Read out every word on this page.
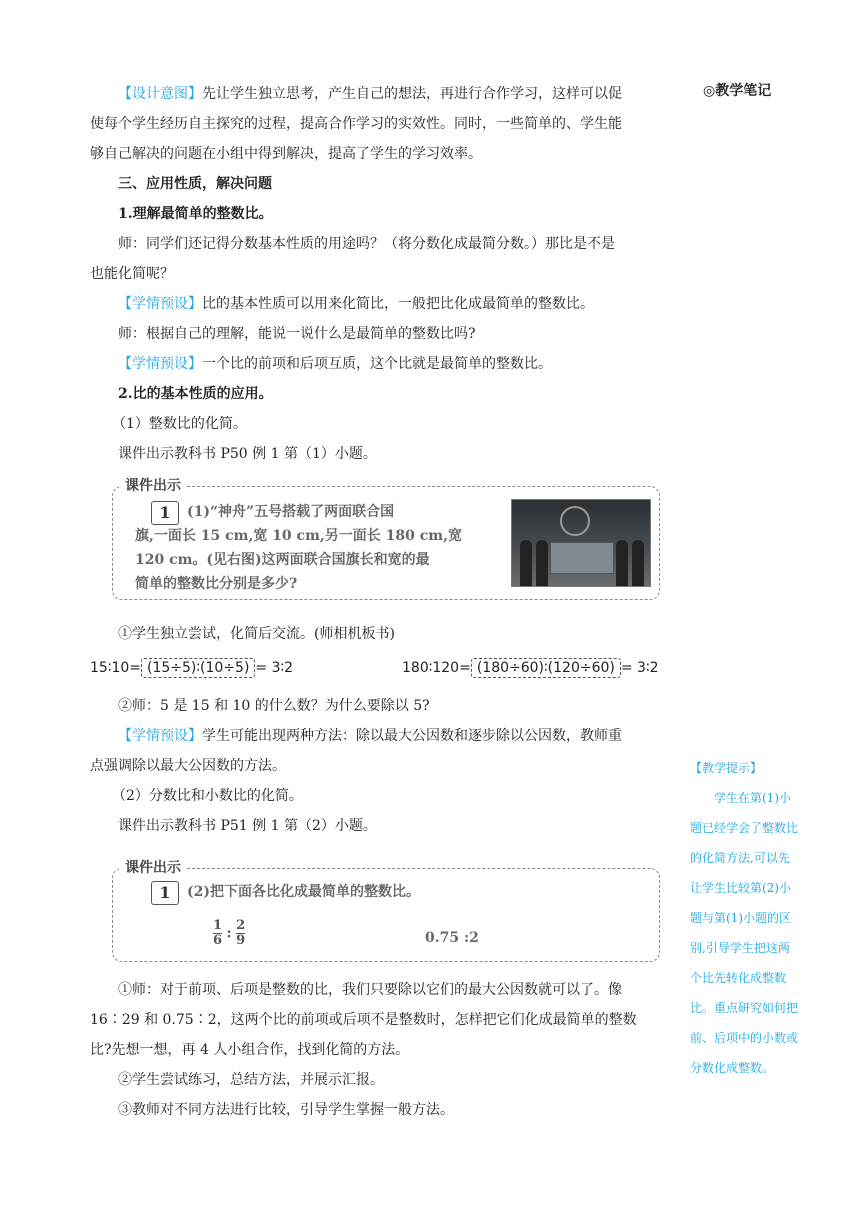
◎教学笔记
【教学提示】
学生在第(1)小
题已经学会了整数比
的化简方法,可以先
让学生比较第(2)小
题与第(1)小题的区
别,引导学生把这两
个比先转化成整数
比。重点研究如何把
前、后项中的小数或
分数化成整数。
【设计意图】先让学生独立思考，产生自己的想法，再进行合作学习，这样可以促
使每个学生经历自主探究的过程，提高合作学习的实效性。同时，一些简单的、学生能
够自己解决的问题在小组中得到解决，提高了学生的学习效率。
三、应用性质，解决问题
1.理解最简单的整数比。
师：同学们还记得分数基本性质的用途吗？（将分数化成最简分数。）那比是不是
也能化简呢？
【学情预设】比的基本性质可以用来化简比，一般把比化成最简单的整数比。
师：根据自己的理解，能说一说什么是最简单的整数比吗?
【学情预设】一个比的前项和后项互质，这个比就是最简单的整数比。
2.比的基本性质的应用。
（1）整数比的化简。
课件出示教科书 P50 例 1 第（1）小题。
课件出示
1	(1)“神舟”五号搭载了两面联合国
旗,一面长 15 cm,宽 10 cm,另一面长 180 cm,宽
120 cm。(见右图)这两面联合国旗长和宽的最
简单的整数比分别是多少?
①学生独立尝试，化简后交流。(师相机板书)
15∶10= (15÷5)∶(10÷5) = 3∶2	180∶120= (180÷60)∶(120÷60) = 3∶2
②师：5 是 15 和 10 的什么数？为什么要除以 5?
【学情预设】学生可能出现两种方法：除以最大公因数和逐步除以公因数，教师重
点强调除以最大公因数的方法。
（2）分数比和小数比的化简。
课件出示教科书 P51 例 1 第（2）小题。
课件出示
1	(2)把下面各比化成最简单的整数比。
$\frac{1}{6}$ : $\frac{2}{9}$	0.75 :2
①师：对于前项、后项是整数的比，我们只要除以它们的最大公因数就可以了。像
16∶29 和 0.75∶2，这两个比的前项或后项不是整数时，怎样把它们化成最简单的整数
比?先想一想，再 4 人小组合作，找到化简的方法。
②学生尝试练习，总结方法，并展示汇报。
③教师对不同方法进行比较，引导学生掌握一般方法。
